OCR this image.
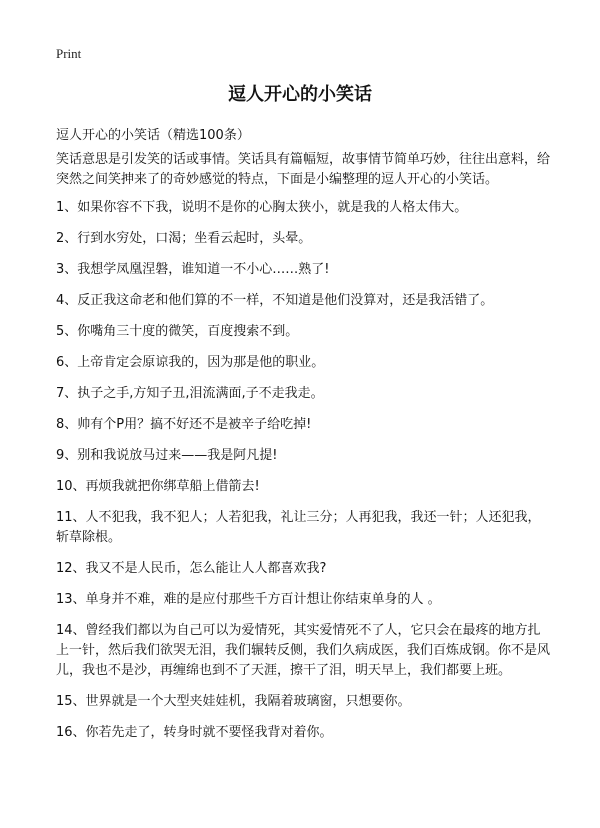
Print
逗人开心的小笑话

逗人开心的小笑话（精选100条）

笑话意思是引发笑的话或事情。笑话具有篇幅短，故事情节简单巧妙，往往出意料，给突然之间笑抻来了的奇妙感觉的特点，下面是小编整理的逗人开心的小笑话。

1、如果你容不下我，说明不是你的心胸太狭小，就是我的人格太伟大。
2、行到水穷处，口渴；坐看云起时，头晕。
3、我想学凤凰涅磐，谁知道一不小心……熟了!
4、反正我这命老和他们算的不一样，不知道是他们没算对，还是我活错了。
5、你嘴角三十度的微笑，百度搜索不到。
6、上帝肯定会原谅我的，因为那是他的职业。
7、执子之手,方知子丑,泪流满面,子不走我走。
8、帅有个P用？搞不好还不是被辛子给吃掉!
9、别和我说放马过来——我是阿凡提!
10、再烦我就把你绑草船上借箭去!
11、人不犯我，我不犯人；人若犯我，礼让三分；人再犯我，我还一针；人还犯我，斩草除根。
12、我又不是人民币，怎么能让人人都喜欢我?
13、单身并不难，难的是应付那些千方百计想让你结束单身的人 。
14、曾经我们都以为自己可以为爱情死，其实爱情死不了人，它只会在最疼的地方扎上一针，然后我们欲哭无泪，我们辗转反侧，我们久病成医，我们百炼成钢。你不是风儿，我也不是沙，再缠绵也到不了天涯，擦干了泪，明天早上，我们都要上班。
15、世界就是一个大型夹娃娃机，我隔着玻璃窗，只想要你。
16、你若先走了，转身时就不要怪我背对着你。
